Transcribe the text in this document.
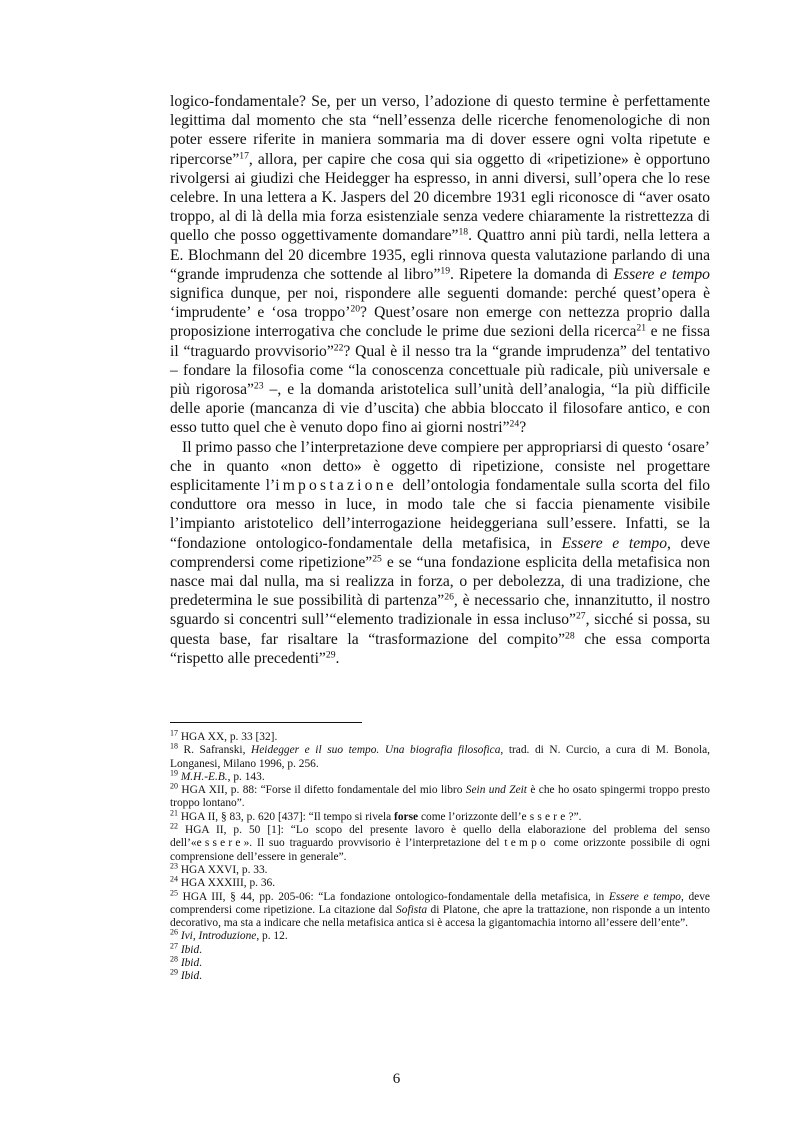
logico-fondamentale? Se, per un verso, l’adozione di questo termine è perfettamente legittima dal momento che sta “nell’essenza delle ricerche fenomenologiche di non poter essere riferite in maniera sommaria ma di dover essere ogni volta ripetute e ripercorse”$^{17}$, allora, per capire che cosa qui sia oggetto di «ripetizione» è opportuno rivolgersi ai giudizi che Heidegger ha espresso, in anni diversi, sull’opera che lo rese celebre. In una lettera a K. Jaspers del 20 dicembre 1931 egli riconosce di “aver osato troppo, al di là della mia forza esistenziale senza vedere chiaramente la ristrettezza di quello che posso oggettivamente domandare”$^{18}$. Quattro anni più tardi, nella lettera a E. Blochmann del 20 dicembre 1935, egli rinnova questa valutazione parlando di una “grande imprudenza che sottende al libro”$^{19}$. Ripetere la domanda di Essere e tempo significa dunque, per noi, rispondere alle seguenti domande: perché quest’opera è ‘imprudente’ e ‘osa troppo’$^{20}$? Quest’osare non emerge con nettezza proprio dalla proposizione interrogativa che conclude le prime due sezioni della ricerca$^{21}$ e ne fissa il “traguardo provvisorio”$^{22}$? Qual è il nesso tra la “grande imprudenza” del tentativo – fondare la filosofia come “la conoscenza concettuale più radicale, più universale e più rigorosa”$^{23}$ –, e la domanda aristotelica sull’unità dell’analogia, “la più difficile delle aporie (mancanza di vie d’uscita) che abbia bloccato il filosofare antico, e con esso tutto quel che è venuto dopo fino ai giorni nostri”$^{24}$?

Il primo passo che l’interpretazione deve compiere per appropriarsi di questo ‘osare’ che in quanto «non detto» è oggetto di ripetizione, consiste nel progettare esplicitamente l’impostazione dell’ontologia fondamentale sulla scorta del filo conduttore ora messo in luce, in modo tale che si faccia pienamente visibile l’impianto aristotelico dell’interrogazione heideggeriana sull’essere. Infatti, se la “fondazione ontologico-fondamentale della metafisica, in Essere e tempo, deve comprendersi come ripetizione”$^{25}$ e se “una fondazione esplicita della metafisica non nasce mai dal nulla, ma si realizza in forza, o per debolezza, di una tradizione, che predetermina le sue possibilità di partenza”$^{26}$, è necessario che, innanzitutto, il nostro sguardo si concentri sull’“elemento tradizionale in essa incluso”$^{27}$, sicché si possa, su questa base, far risaltare la “trasformazione del compito”$^{28}$ che essa comporta “rispetto alle precedenti”$^{29}$.

$^{17}$ HGA XX, p. 33 [32].

$^{18}$ R. Safranski, Heidegger e il suo tempo. Una biografia filosofica, trad. di N. Curcio, a cura di M. Bonola, Longanesi, Milano 1996, p. 256.

$^{19}$ M.H.-E.B., p. 143.

$^{20}$ HGA XII, p. 88: “Forse il difetto fondamentale del mio libro Sein und Zeit è che ho osato spingermi troppo presto troppo lontano”.

$^{21}$ HGA II, § 83, p. 620 [437]: “Il tempo si rivela forse come l’orizzonte dell’essere?”.

$^{22}$ HGA II, p. 50 [1]: “Lo scopo del presente lavoro è quello della elaborazione del problema del senso dell’«essere». Il suo traguardo provvisorio è l’interpretazione del tempo come orizzonte possibile di ogni comprensione dell’essere in generale”.

$^{23}$ HGA XXVI, p. 33.

$^{24}$ HGA XXXIII, p. 36.

$^{25}$ HGA III, § 44, pp. 205-06: “La fondazione ontologico-fondamentale della metafisica, in Essere e tempo, deve comprendersi come ripetizione. La citazione dal Sofista di Platone, che apre la trattazione, non risponde a un intento decorativo, ma sta a indicare che nella metafisica antica si è accesa la gigantomachia intorno all’essere dell’ente”.

$^{26}$ Ivi, Introduzione, p. 12.

$^{27}$ Ibid.

$^{28}$ Ibid.

$^{29}$ Ibid.

6
